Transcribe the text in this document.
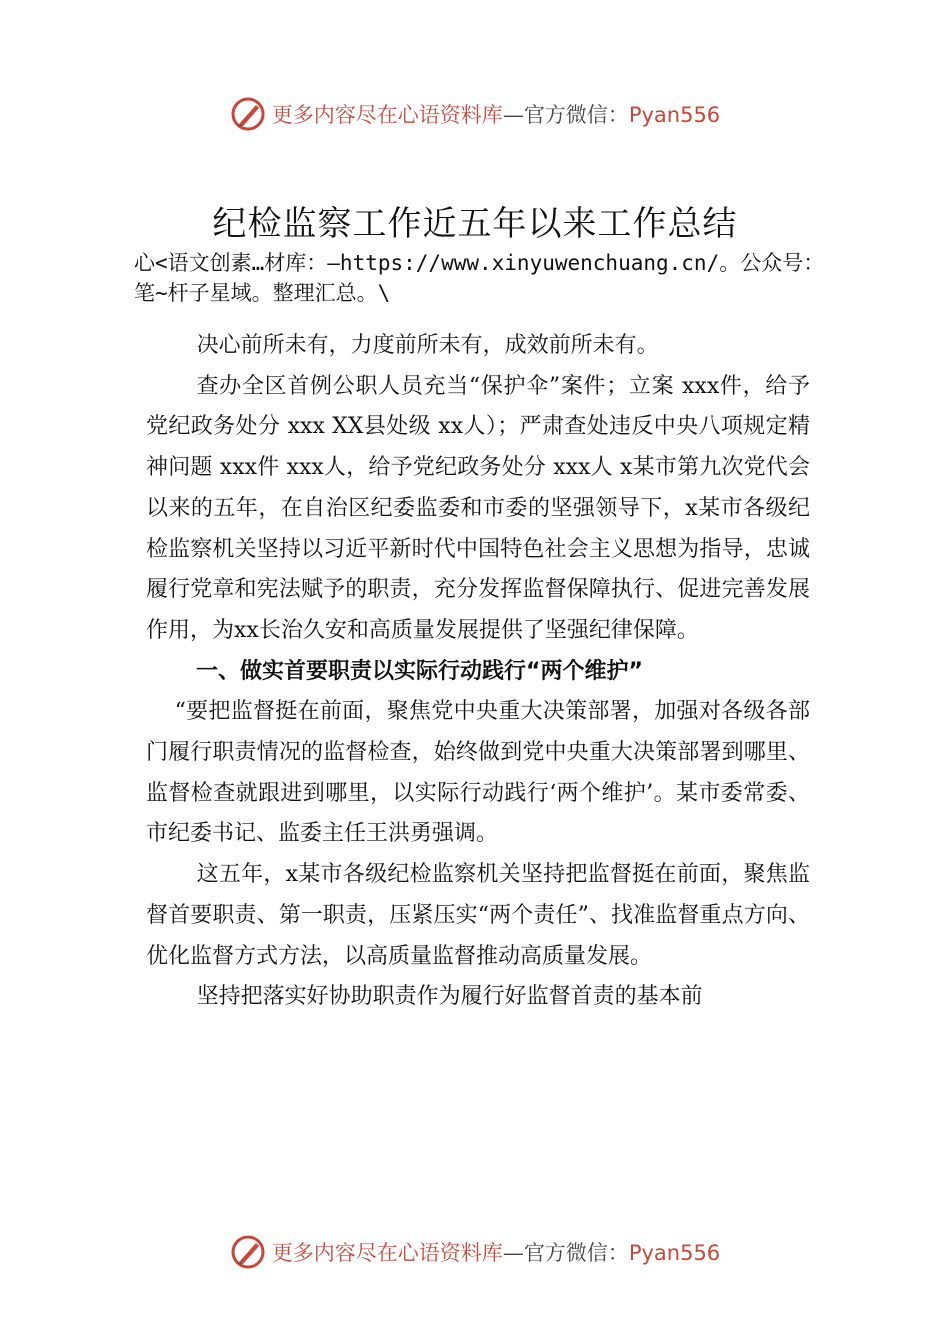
更多内容尽在心语资料库—官方微信：Pyan556
纪检监察工作近五年以来工作总结

心<语文创素…材库：—https://www.xinyuwenchuang.cn/。公众号：笔~杆子星域。整理汇总。\

决心前所未有，力度前所未有，成效前所未有。

查办全区首例公职人员充当“保护伞”案件；立案 xxx件，给予党纪政务处分 xxx XX县处级 xx人）；严肃查处违反中央八项规定精神问题 xxx件 xxx人，给予党纪政务处分 xxx人 x某市第九次党代会以来的五年，在自治区纪委监委和市委的坚强领导下，x某市各级纪检监察机关坚持以习近平新时代中国特色社会主义思想为指导，忠诚履行党章和宪法赋予的职责，充分发挥监督保障执行、促进完善发展作用，为xx长治久安和高质量发展提供了坚强纪律保障。

一、做实首要职责以实际行动践行“两个维护”

“要把监督挺在前面，聚焦党中央重大决策部署，加强对各级各部门履行职责情况的监督检查，始终做到党中央重大决策部署到哪里、监督检查就跟进到哪里，以实际行动践行‘两个维护’。某市委常委、市纪委书记、监委主任王洪勇强调。

这五年，x某市各级纪检监察机关坚持把监督挺在前面，聚焦监督首要职责、第一职责，压紧压实“两个责任”、找准监督重点方向、优化监督方式方法，以高质量监督推动高质量发展。

坚持把落实好协助职责作为履行好监督首责的基本前

更多内容尽在心语资料库—官方微信：Pyan556
